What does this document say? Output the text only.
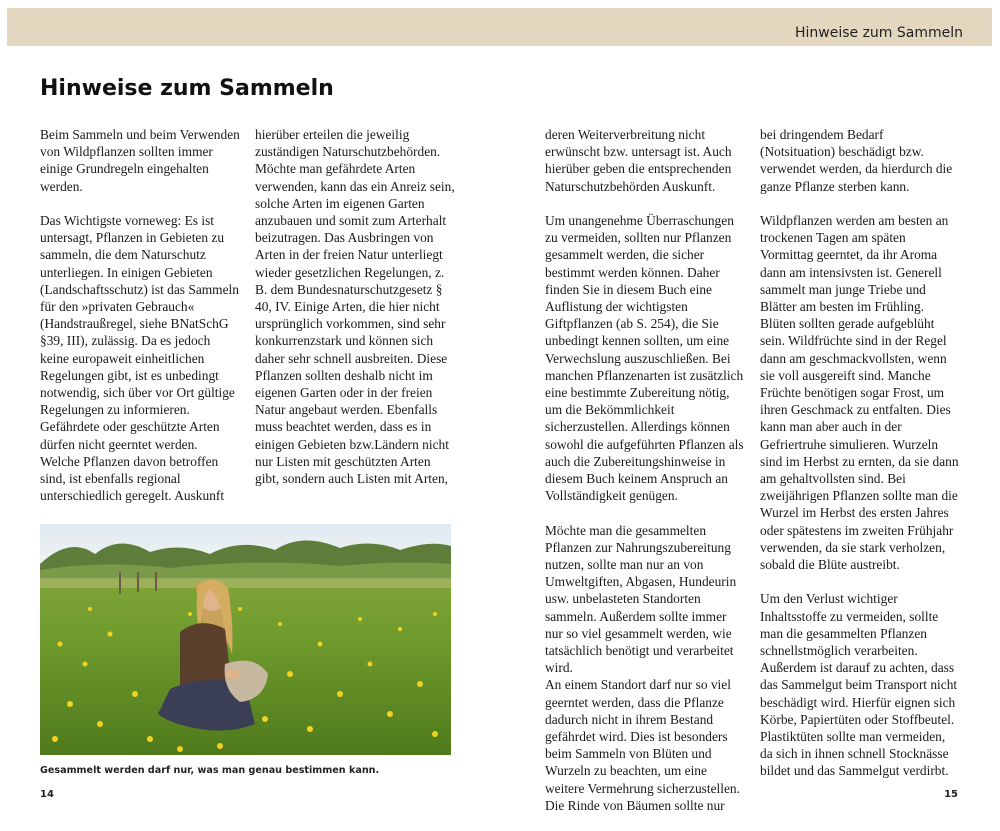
Hinweise zum Sammeln
Hinweise zum Sammeln

Beim Sammeln und beim Verwenden von Wildpflanzen sollten immer einige Grundregeln eingehalten werden.

Das Wichtigste vorneweg: Es ist untersagt, Pflanzen in Gebieten zu sammeln, die dem Naturschutz unterliegen. In einigen Gebieten (Landschaftsschutz) ist das Sammeln für den »privaten Gebrauch« (Handstraußregel, siehe BNatSchG §39, III), zulässig. Da es jedoch keine europaweit einheitlichen Regelungen gibt, ist es unbedingt notwendig, sich über vor Ort gültige Regelungen zu informieren. Gefährdete oder geschützte Arten dürfen nicht geerntet werden. Welche Pflanzen davon betroffen sind, ist ebenfalls regional unterschiedlich geregelt. Auskunft

hierüber erteilen die jeweilig zuständigen Naturschutzbehörden. Möchte man gefährdete Arten verwenden, kann das ein Anreiz sein, solche Arten im eigenen Garten anzubauen und somit zum Arterhalt beizutragen. Das Ausbringen von Arten in der freien Natur unterliegt wieder gesetzlichen Regelungen, z. B. dem Bundesnaturschutzgesetz § 40, IV. Einige Arten, die hier nicht ursprünglich vorkommen, sind sehr konkurrenzstark und können sich daher sehr schnell ausbreiten. Diese Pflanzen sollten deshalb nicht im eigenen Garten oder in der freien Natur angebaut werden. Ebenfalls muss beachtet werden, dass es in einigen Gebieten bzw.Ländern nicht nur Listen mit geschützten Arten gibt, sondern auch Listen mit Arten,

deren Weiterverbreitung nicht erwünscht bzw. untersagt ist. Auch hierüber geben die entsprechenden Naturschutzbehörden Auskunft.

Um unangenehme Überraschungen zu vermeiden, sollten nur Pflanzen gesammelt werden, die sicher bestimmt werden können. Daher finden Sie in diesem Buch eine Auflistung der wichtigsten Giftpflanzen (ab S. 254), die Sie unbedingt kennen sollten, um eine Verwechslung auszuschließen. Bei manchen Pflanzenarten ist zusätzlich eine bestimmte Zubereitung nötig, um die Bekömmlichkeit sicherzustellen. Allerdings können sowohl die aufgeführten Pflanzen als auch die Zubereitungshinweise in diesem Buch keinem Anspruch an Vollständigkeit genügen.

Möchte man die gesammelten Pflanzen zur Nahrungszubereitung nutzen, sollte man nur an von Umweltgiften, Abgasen, Hundeurin usw. unbelasteten Standorten sammeln. Außerdem sollte immer nur so viel gesammelt werden, wie tatsächlich benötigt und verarbeitet wird.

An einem Standort darf nur so viel geerntet werden, dass die Pflanze dadurch nicht in ihrem Bestand gefährdet wird. Dies ist besonders beim Sammeln von Blüten und Wurzeln zu beachten, um eine weitere Vermehrung sicherzustellen. Die Rinde von Bäumen sollte nur

bei dringendem Bedarf (Notsituation) beschädigt bzw. verwendet werden, da hierdurch die ganze Pflanze sterben kann.

Wildpflanzen werden am besten an trockenen Tagen am späten Vormittag geerntet, da ihr Aroma dann am intensivsten ist. Generell sammelt man junge Triebe und Blätter am besten im Frühling. Blüten sollten gerade aufgeblüht sein. Wildfrüchte sind in der Regel dann am geschmackvollsten, wenn sie voll ausgereift sind. Manche Früchte benötigen sogar Frost, um ihren Geschmack zu entfalten. Dies kann man aber auch in der Gefriertruhe simulieren. Wurzeln sind im Herbst zu ernten, da sie dann am gehaltvollsten sind. Bei zweijährigen Pflanzen sollte man die Wurzel im Herbst des ersten Jahres oder spätestens im zweiten Frühjahr verwenden, da sie stark verholzen, sobald die Blüte austreibt.

Um den Verlust wichtiger Inhaltsstoffe zu vermeiden, sollte man die gesammelten Pflanzen schnellstmöglich verarbeiten. Außerdem ist darauf zu achten, dass das Sammelgut beim Transport nicht beschädigt wird. Hierfür eignen sich Körbe, Papiertüten oder Stoffbeutel. Plastiktüten sollte man vermeiden, da sich in ihnen schnell Stocknässe bildet und das Sammelgut verdirbt.

Gesammelt werden darf nur, was man genau bestimmen kann.
14	15
